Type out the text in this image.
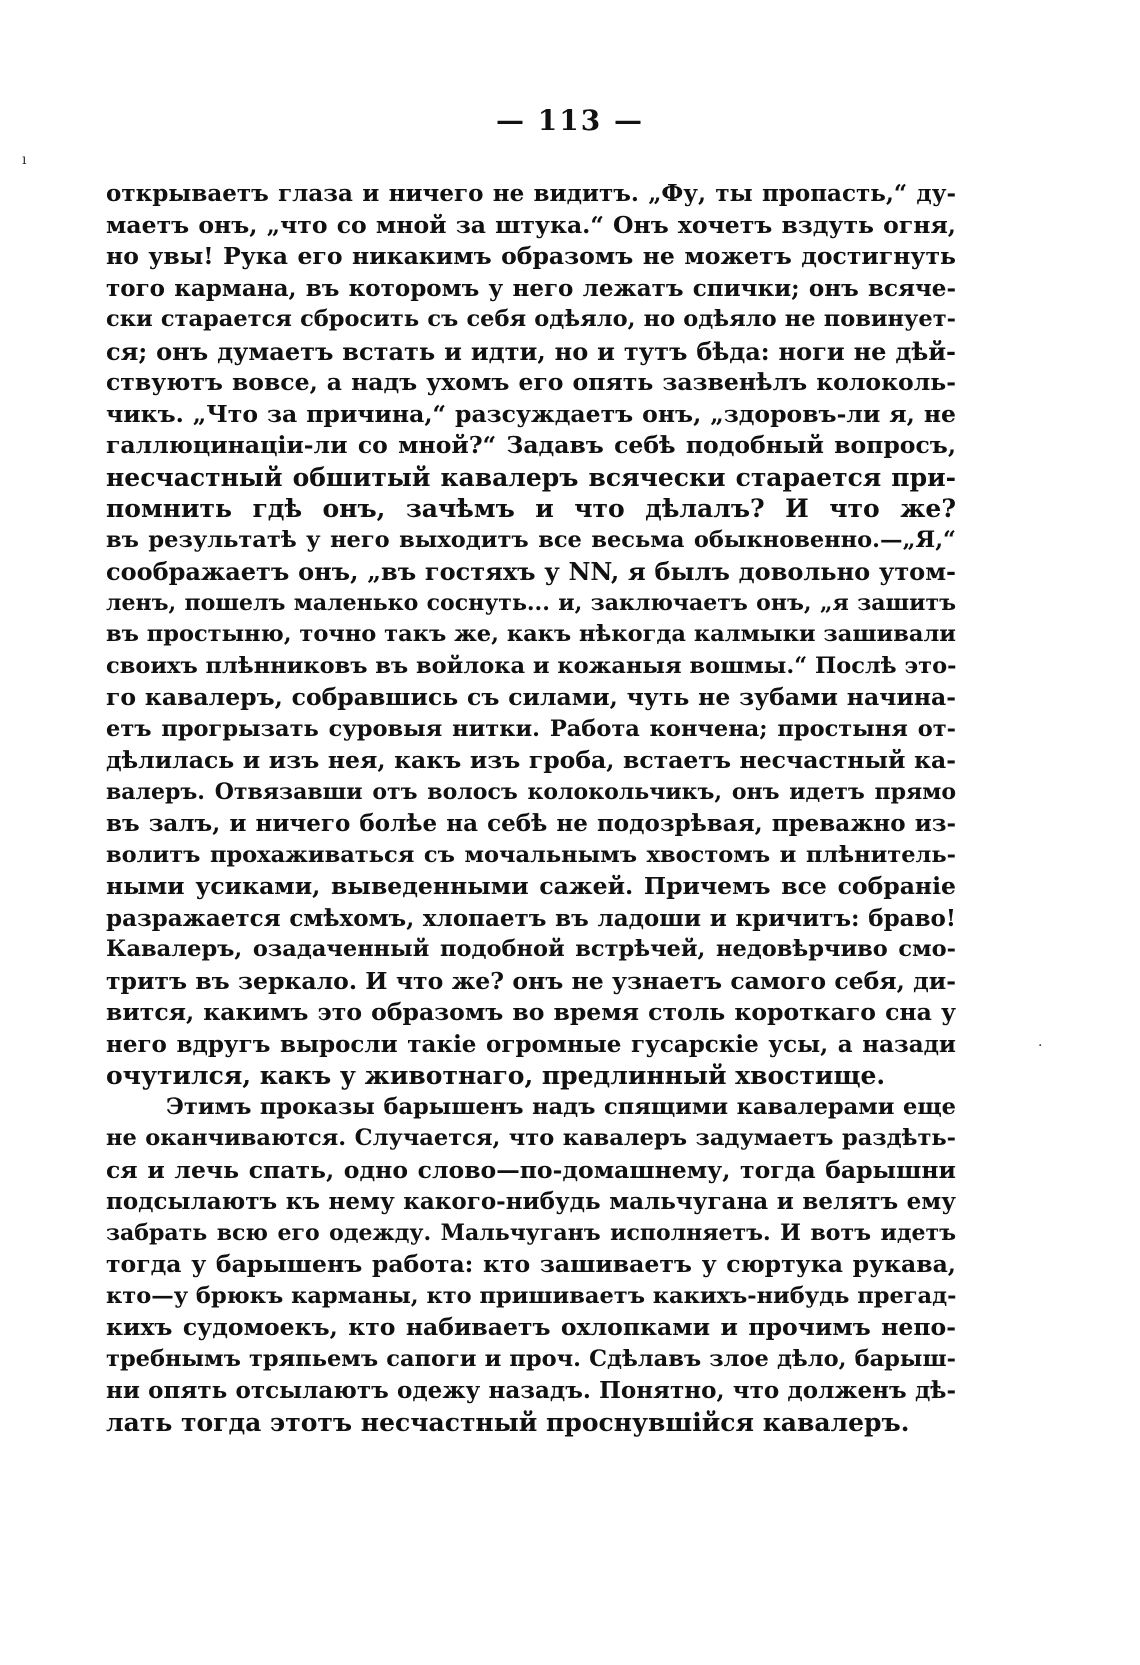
— 113 —
ı
·
открываетъ глаза и ничего не видитъ. „Фу, ты пропасть,“ ду-
маетъ онъ, „что со мной за штука.“ Онъ хочетъ вздуть огня,
но увы! Рука его никакимъ образомъ не можетъ достигнуть
того кармана, въ которомъ у него лежатъ спички; онъ всяче-
ски старается сбросить съ себя одѣяло, но одѣяло не повинует-
ся; онъ думаетъ встать и идти, но и тутъ бѣда: ноги не дѣй-
ствуютъ вовсе, а надъ ухомъ его опять зазвенѣлъ колоколь-
чикъ. „Что за причина,“ разсуждаетъ онъ, „здоровъ-ли я, не
галлюцинаціи-ли со мной?“ Задавъ себѣ подобный вопросъ,
несчастный обшитый кавалеръ всячески старается при-
помнить гдѣ онъ, зачѣмъ и что дѣлалъ? И что же?
въ результатѣ у него выходитъ все весьма обыкновенно.—„Я,“
соображаетъ онъ, „въ гостяхъ у NN, я былъ довольно утом-
ленъ, пошелъ маленько соснуть... и, заключаетъ онъ, „я зашитъ
въ простыню, точно такъ же, какъ нѣкогда калмыки зашивали
своихъ плѣнниковъ въ войлока и кожаныя вошмы.“ Послѣ это-
го кавалеръ, собравшись съ силами, чуть не зубами начина-
етъ прогрызать суровыя нитки. Работа кончена; простыня от-
дѣлилась и изъ нея, какъ изъ гроба, встаетъ несчастный ка-
валеръ. Отвязавши отъ волосъ колокольчикъ, онъ идетъ прямо
въ залъ, и ничего болѣе на себѣ не подозрѣвая, преважно из-
волитъ прохаживаться съ мочальнымъ хвостомъ и плѣнитель-
ными усиками, выведенными сажей. Причемъ все собраніе
разражается смѣхомъ, хлопаетъ въ ладоши и кричитъ: браво!
Кавалеръ, озадаченный подобной встрѣчей, недовѣрчиво смо-
тритъ въ зеркало. И что же? онъ не узнаетъ самого себя, ди-
вится, какимъ это образомъ во время столь короткаго сна у
него вдругъ выросли такіе огромные гусарскіе усы, а назади
очутился, какъ у животнаго, предлинный хвостище.
Этимъ проказы барышенъ надъ спящими кавалерами еще
не оканчиваются. Случается, что кавалеръ задумаетъ раздѣть-
ся и лечь спать, одно слово—по-домашнему, тогда барышни
подсылаютъ къ нему какого-нибудь мальчугана и велятъ ему
забрать всю его одежду. Мальчуганъ исполняетъ. И вотъ идетъ
тогда у барышенъ работа: кто зашиваетъ у сюртука рукава,
кто—у брюкъ карманы, кто пришиваетъ какихъ-нибудь прегад-
кихъ судомоекъ, кто набиваетъ охлопками и прочимъ непо-
требнымъ тряпьемъ сапоги и проч. Сдѣлавъ злое дѣло, барыш-
ни опять отсылаютъ одежу назадъ. Понятно, что долженъ дѣ-
лать тогда этотъ несчастный проснувшійся кавалеръ.
